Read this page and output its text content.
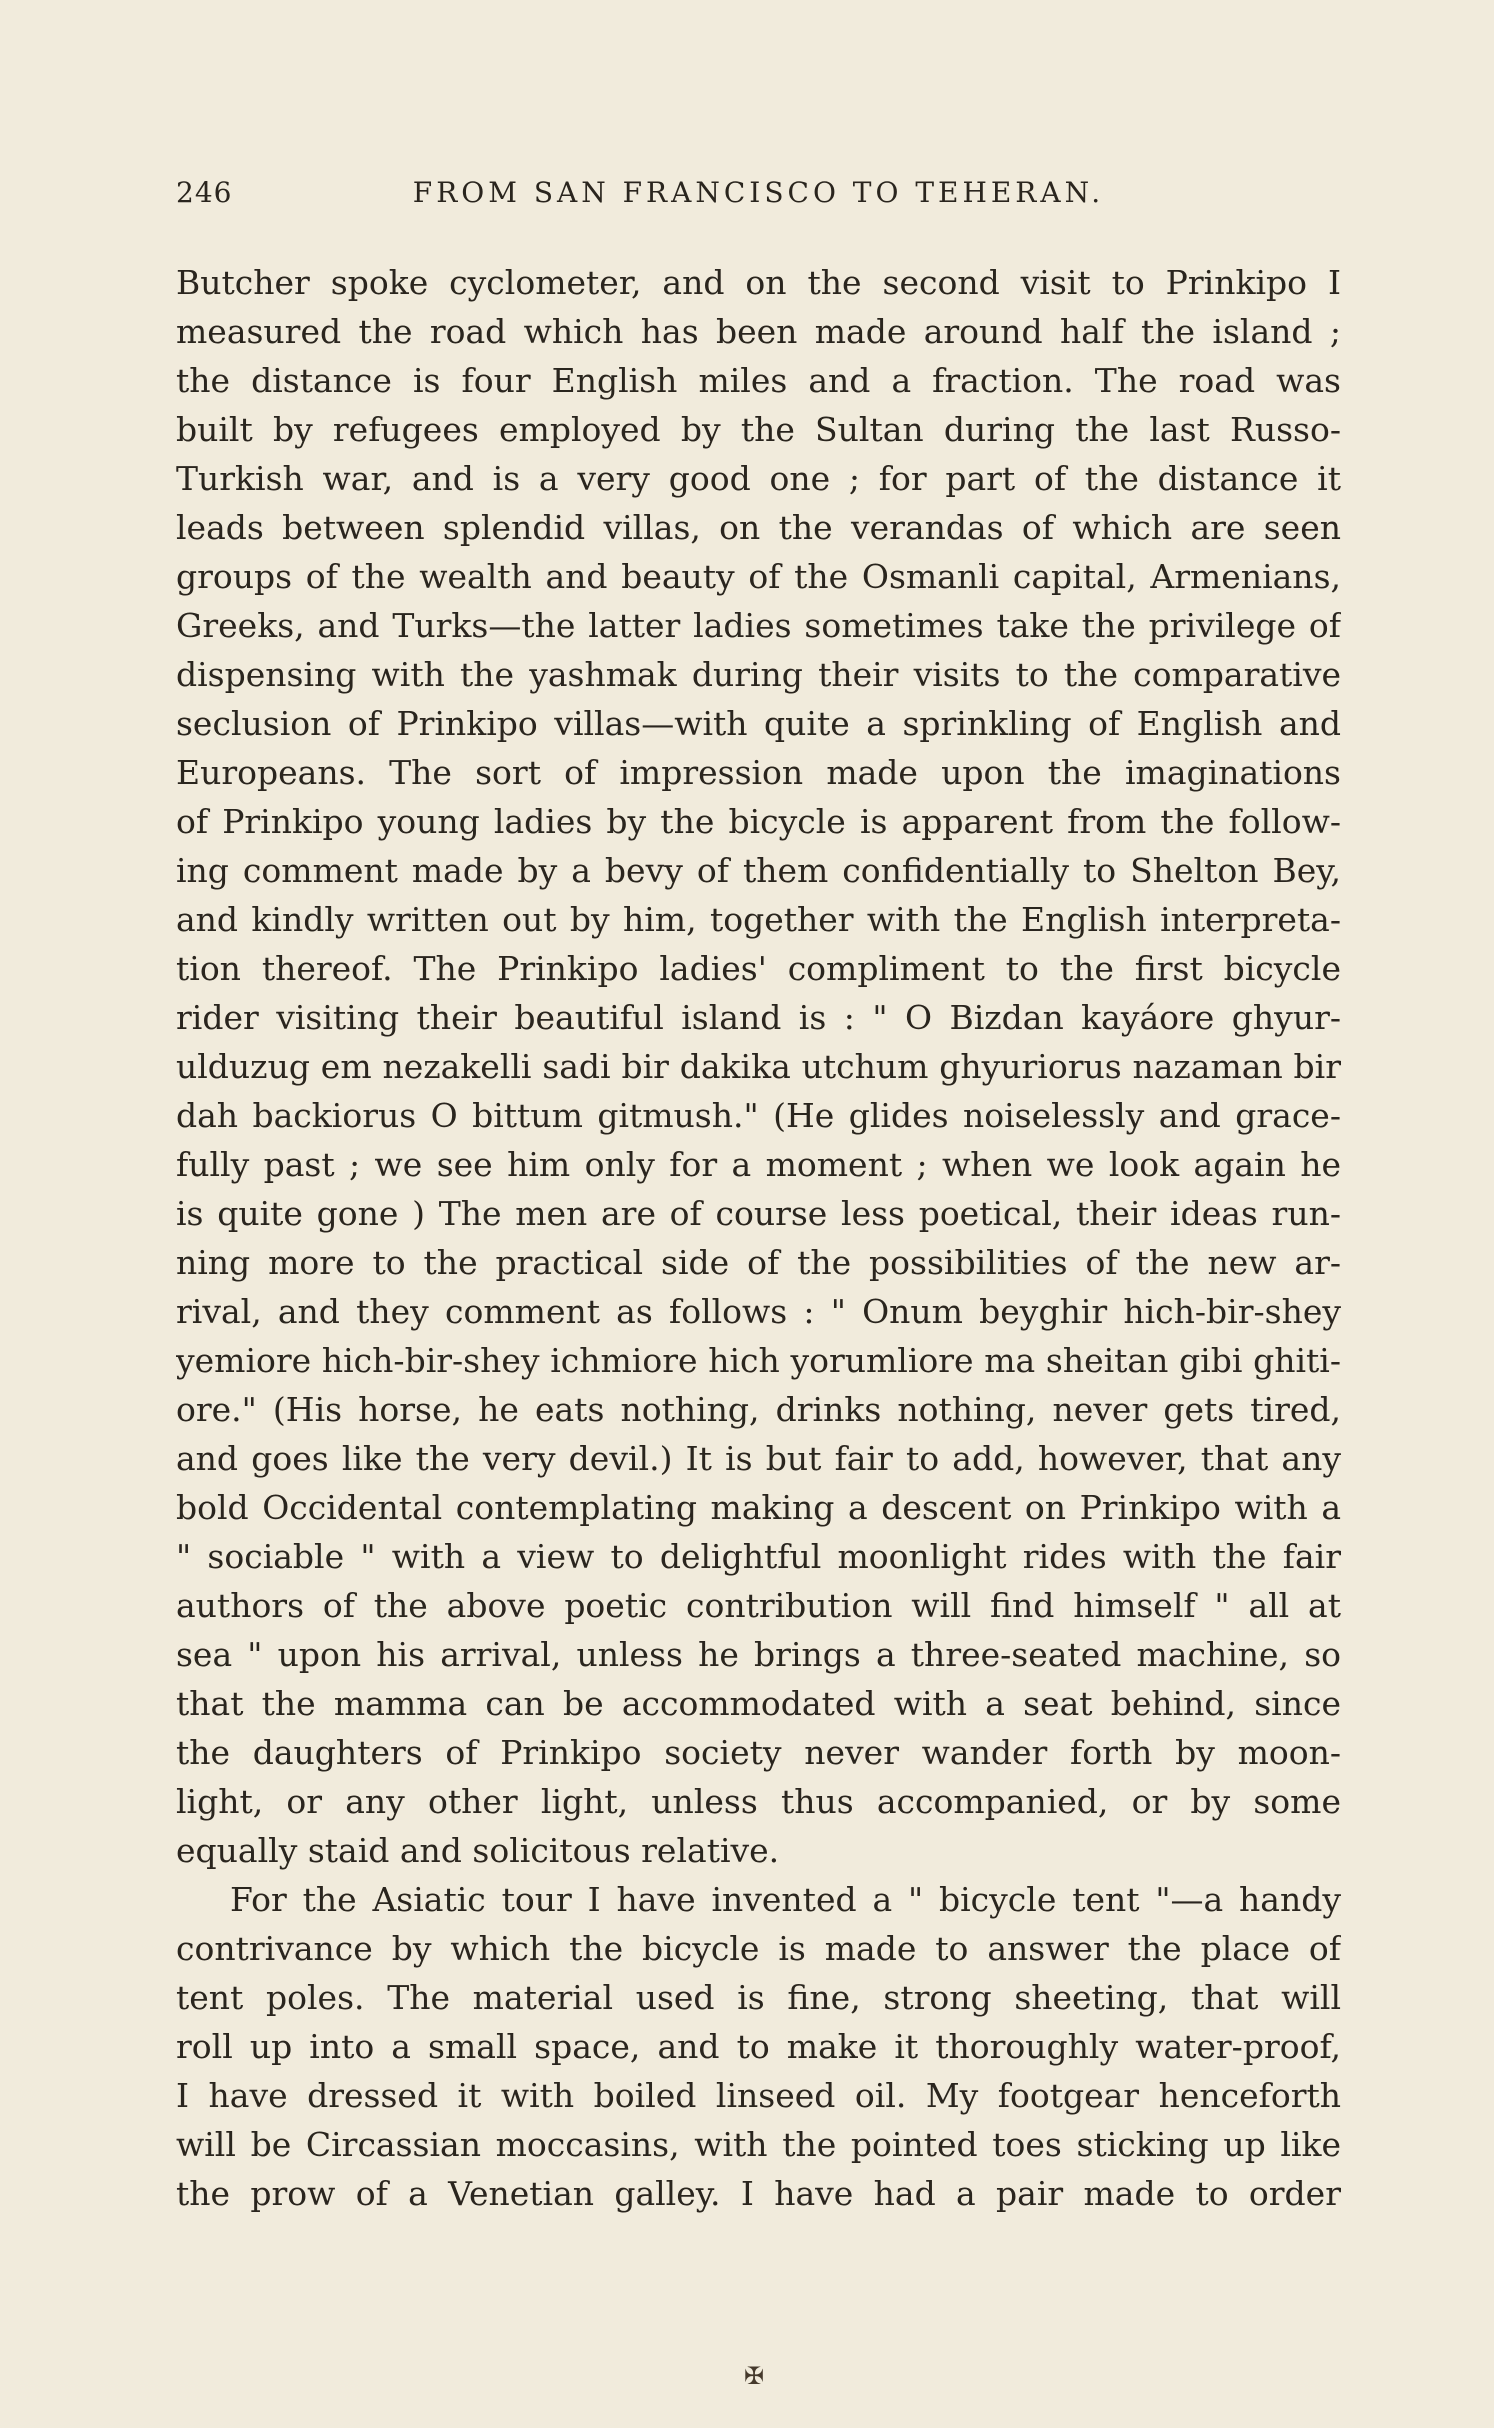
246	FROM SAN FRANCISCO TO TEHERAN.
Butcher spoke cyclometer, and on the second visit to Prinkipo I
measured the road which has been made around half the island ;
the distance is four English miles and a fraction. The road was
built by refugees employed by the Sultan during the last Russo-
Turkish war, and is a very good one ; for part of the distance it
leads between splendid villas, on the verandas of which are seen
groups of the wealth and beauty of the Osmanli capital, Armenians,
Greeks, and Turks—the latter ladies sometimes take the privilege of
dispensing with the yashmak during their visits to the comparative
seclusion of Prinkipo villas—with quite a sprinkling of English and
Europeans. The sort of impression made upon the imaginations
of Prinkipo young ladies by the bicycle is apparent from the follow-
ing comment made by a bevy of them confidentially to Shelton Bey,
and kindly written out by him, together with the English interpreta-
tion thereof. The Prinkipo ladies' compliment to the first bicycle
rider visiting their beautiful island is : " O Bizdan kayáore ghyur-
ulduzug em nezakelli sadi bir dakika utchum ghyuriorus nazaman bir
dah backiorus O bittum gitmush." (He glides noiselessly and grace-
fully past ; we see him only for a moment ; when we look again he
is quite gone ) The men are of course less poetical, their ideas run-
ning more to the practical side of the possibilities of the new ar-
rival, and they comment as follows : " Onum beyghir hich-bir-shey
yemiore hich-bir-shey ichmiore hich yorumliore ma sheitan gibi ghiti-
ore." (His horse, he eats nothing, drinks nothing, never gets tired,
and goes like the very devil.) It is but fair to add, however, that any
bold Occidental contemplating making a descent on Prinkipo with a
" sociable " with a view to delightful moonlight rides with the fair
authors of the above poetic contribution will find himself " all at
sea " upon his arrival, unless he brings a three-seated machine, so
that the mamma can be accommodated with a seat behind, since
the daughters of Prinkipo society never wander forth by moon-
light, or any other light, unless thus accompanied, or by some
equally staid and solicitous relative.
For the Asiatic tour I have invented a " bicycle tent "—a handy
contrivance by which the bicycle is made to answer the place of
tent poles. The material used is fine, strong sheeting, that will
roll up into a small space, and to make it thoroughly water-proof,
I have dressed it with boiled linseed oil. My footgear henceforth
will be Circassian moccasins, with the pointed toes sticking up like
the prow of a Venetian galley. I have had a pair made to order
✠
